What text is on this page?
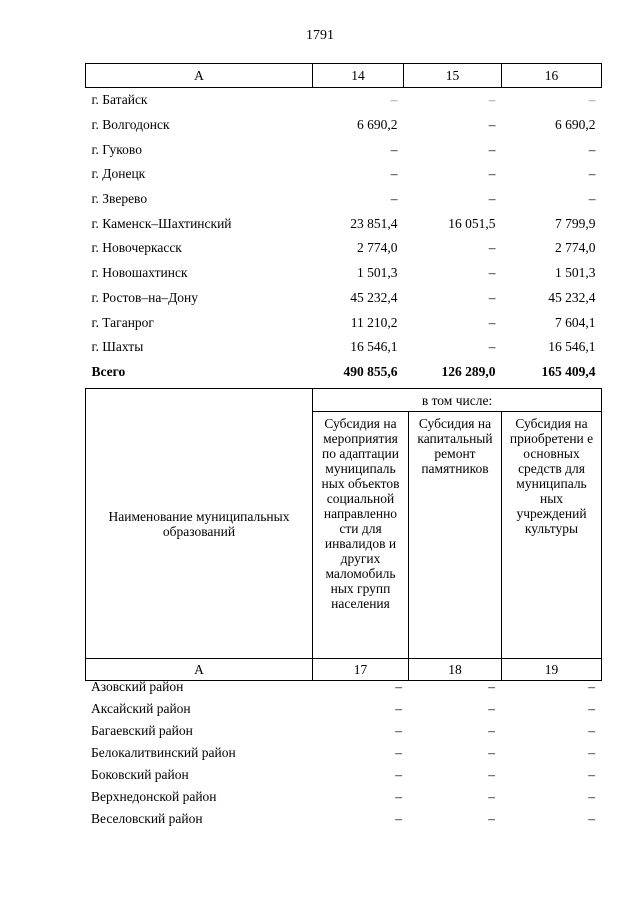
1791
А	14	15	16
г. Батайск	–	–	–
г. Волгодонск	6 690,2	–	6 690,2
г. Гуково	–	–	–
г. Донецк	–	–	–
г. Зверево	–	–	–
г. Каменск–Шахтинский	23 851,4	16 051,5	7 799,9
г. Новочеркасск	2 774,0	–	2 774,0
г. Новошахтинск	1 501,3	–	1 501,3
г. Ростов–на–Дону	45 232,4	–	45 232,4
г. Таганрог	11 210,2	–	7 604,1
г. Шахты	16 546,1	–	16 546,1
Всего	490 855,6	126 289,0	165 409,4
Наименование муниципальных образований	в том числе:		
	Субсидия на мероприятия по адаптации муниципаль ных объектов социальной направленно сти для инвалидов и других маломобиль ных групп населения	Субсидия на капитальный ремонт памятников	Субсидия на приобретени е основных средств для муниципаль ных учреждений культуры
А	17	18	19
Азовский район	–	–	–
Аксайский район	–	–	–
Багаевский район	–	–	–
Белокалитвинский район	–	–	–
Боковский район	–	–	–
Верхнедонской район	–	–	–
Веселовский район	–	–	–
